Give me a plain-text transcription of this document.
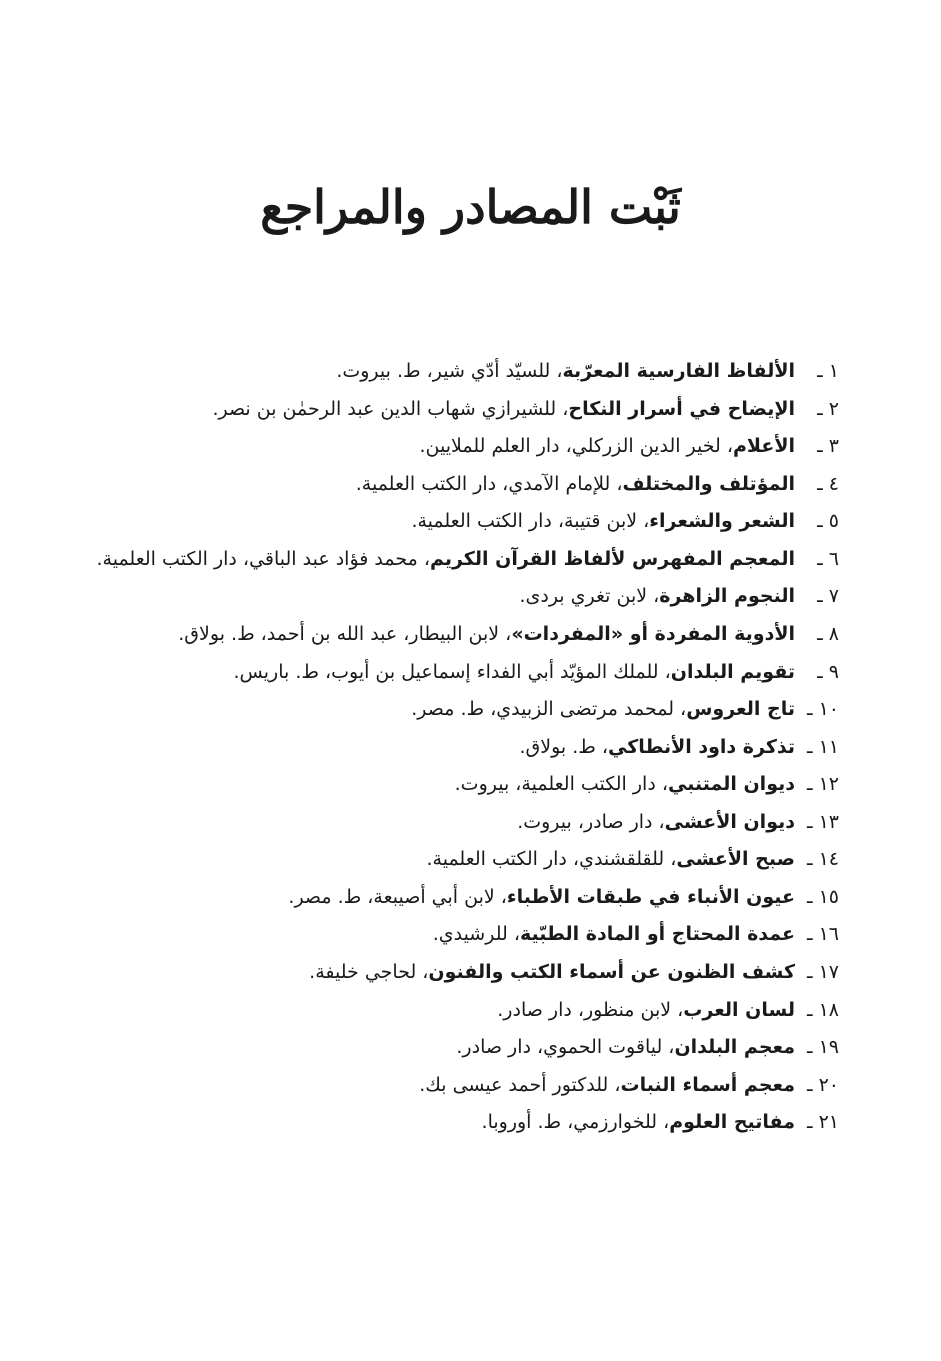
ثَبْت المصادر والمراجع
١ ـ
الألفاظ الفارسية المعرّبة، للسيّد أدّي شير، ط. بيروت.
٢ ـ
الإيضاح في أسرار النكاح، للشيرازي شهاب الدين عبد الرحمٰن بن نصر.
٣ ـ
الأعلام، لخير الدين الزركلي، دار العلم للملايين.
٤ ـ
المؤتلف والمختلف، للإمام الآمدي، دار الكتب العلمية.
٥ ـ
الشعر والشعراء، لابن قتيبة، دار الكتب العلمية.
٦ ـ
المعجم المفهرس لألفاظ القرآن الكريم، محمد فؤاد عبد الباقي، دار الكتب العلمية.
٧ ـ
النجوم الزاهرة، لابن تغري بردى.
٨ ـ
الأدوية المفردة أو «المفردات»، لابن البيطار، عبد الله بن أحمد، ط. بولاق.
٩ ـ
تقويم البلدان، للملك المؤيّد أبي الفداء إسماعيل بن أيوب، ط. باريس.
١٠ ـ
تاج العروس، لمحمد مرتضى الزبيدي، ط. مصر.
١١ ـ
تذكرة داود الأنطاكي، ط. بولاق.
١٢ ـ
ديوان المتنبي، دار الكتب العلمية، بيروت.
١٣ ـ
ديوان الأعشى، دار صادر، بيروت.
١٤ ـ
صبح الأعشى، للقلقشندي، دار الكتب العلمية.
١٥ ـ
عيون الأنباء في طبقات الأطباء، لابن أبي أصيبعة، ط. مصر.
١٦ ـ
عمدة المحتاج أو المادة الطبّية، للرشيدي.
١٧ ـ
كشف الظنون عن أسماء الكتب والفنون، لحاجي خليفة.
١٨ ـ
لسان العرب، لابن منظور، دار صادر.
١٩ ـ
معجم البلدان، لياقوت الحموي، دار صادر.
٢٠ ـ
معجم أسماء النبات، للدكتور أحمد عيسى بك.
٢١ ـ
مفاتيح العلوم، للخوارزمي، ط. أوروبا.
